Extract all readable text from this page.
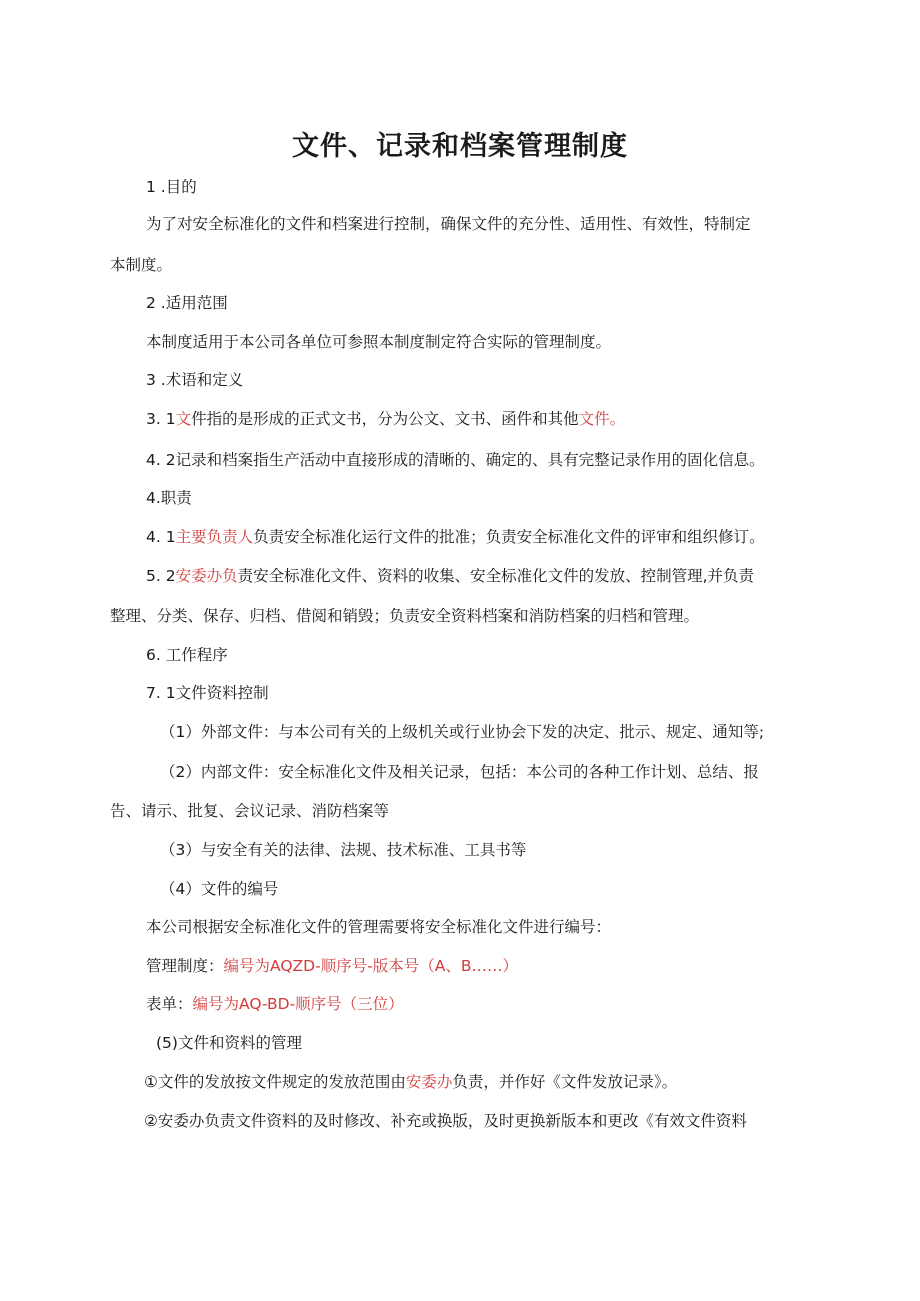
文件、记录和档案管理制度
1 .目的
为了对安全标准化的文件和档案进行控制，确保文件的充分性、适用性、有效性，特制定
本制度。
2 .适用范围
本制度适用于本公司各单位可参照本制度制定符合实际的管理制度。
3 .术语和定义
3. 1文件指的是形成的正式文书，分为公文、文书、函件和其他文件。
4. 2记录和档案指生产活动中直接形成的清晰的、确定的、具有完整记录作用的固化信息。
4.职责
4. 1主要负责人负责安全标准化运行文件的批准；负责安全标准化文件的评审和组织修订。
5. 2安委办负责安全标准化文件、资料的收集、安全标准化文件的发放、控制管理,并负责
整理、分类、保存、归档、借阅和销毁；负责安全资料档案和消防档案的归档和管理。
6. 工作程序
7. 1文件资料控制
（1）外部文件：与本公司有关的上级机关或行业协会下发的决定、批示、规定、通知等;
（2）内部文件：安全标准化文件及相关记录，包括：本公司的各种工作计划、总结、报
告、请示、批复、会议记录、消防档案等
（3）与安全有关的法律、法规、技术标准、工具书等
（4）文件的编号
本公司根据安全标准化文件的管理需要将安全标准化文件进行编号：
管理制度：编号为AQZD-顺序号-版本号（A、B……）
表单：编号为AQ-BD-顺序号（三位）
(5)文件和资料的管理
①文件的发放按文件规定的发放范围由安委办负责，并作好《文件发放记录》。
②安委办负责文件资料的及时修改、补充或换版，及时更换新版本和更改《有效文件资料
